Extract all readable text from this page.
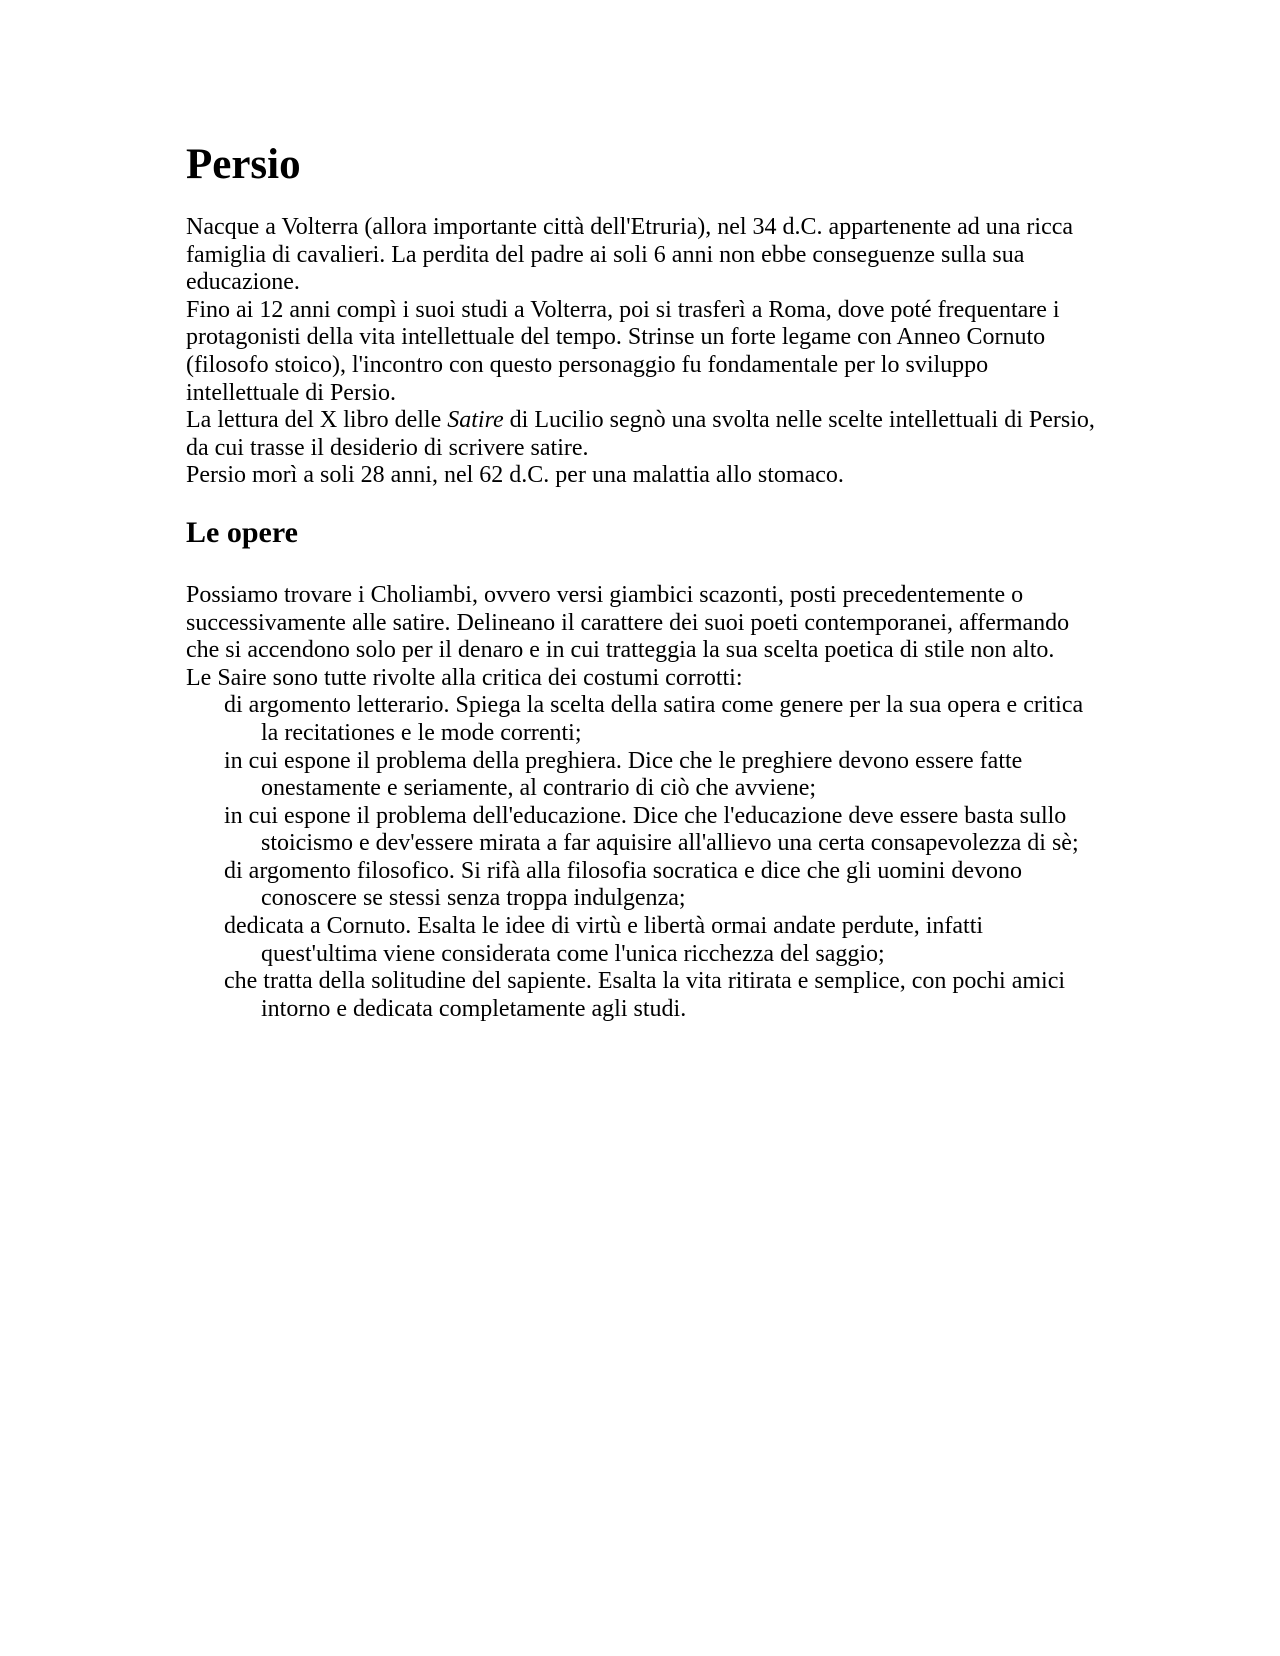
Persio

Nacque a Volterra (allora importante città dell'Etruria), nel 34 d.C. appartenente ad una ricca famiglia di cavalieri. La perdita del padre ai soli 6 anni non ebbe conseguenze sulla sua educazione.

Fino ai 12 anni compì i suoi studi a Volterra, poi si trasferì a Roma, dove poté frequentare i protagonisti della vita intellettuale del tempo. Strinse un forte legame con Anneo Cornuto (filosofo stoico), l'incontro con questo personaggio fu fondamentale per lo sviluppo intellettuale di Persio.

La lettura del X libro delle Satire di Lucilio segnò una svolta nelle scelte intellettuali di Persio, da cui trasse il desiderio di scrivere satire.

Persio morì a soli 28 anni, nel 62 d.C. per una malattia allo stomaco.

Le opere

Possiamo trovare i Choliambi, ovvero versi giambici scazonti, posti precedentemente o successivamente alle satire. Delineano il carattere dei suoi poeti contemporanei, affermando che si accendono solo per il denaro e in cui tratteggia la sua scelta poetica di stile non alto.

Le Saire sono tutte rivolte alla critica dei costumi corrotti:

di argomento letterario. Spiega la scelta della satira come genere per la sua opera e critica la recitationes e le mode correnti;
in cui espone il problema della preghiera. Dice che le preghiere devono essere fatte onestamente e seriamente, al contrario di ciò che avviene;
in cui espone il problema dell'educazione. Dice che l'educazione deve essere basta sullo stoicismo e dev'essere mirata a far aquisire all'allievo una certa consapevolezza di sè;
di argomento filosofico. Si rifà alla filosofia socratica e dice che gli uomini devono conoscere se stessi senza troppa indulgenza;
dedicata a Cornuto. Esalta le idee di virtù e libertà ormai andate perdute, infatti quest'ultima viene considerata come l'unica ricchezza del saggio;
che tratta della solitudine del sapiente. Esalta la vita ritirata e semplice, con pochi amici intorno e dedicata completamente agli studi.
